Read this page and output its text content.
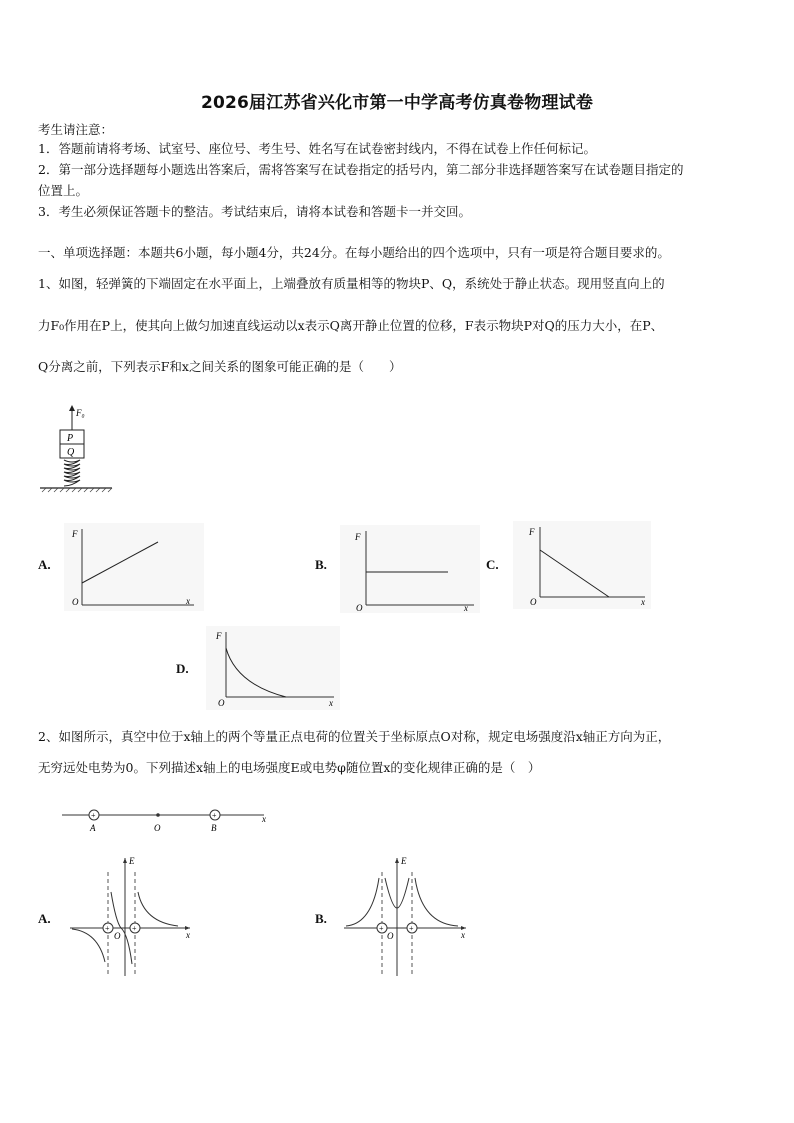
2026届江苏省兴化市第一中学高考仿真卷物理试卷
考生请注意：
1．答题前请将考场、试室号、座位号、考生号、姓名写在试卷密封线内，不得在试卷上作任何标记。
2．第一部分选择题每小题选出答案后，需将答案写在试卷指定的括号内，第二部分非选择题答案写在试卷题目指定的
位置上。
3．考生必须保证答题卡的整洁。考试结束后，请将本试卷和答题卡一并交回。
一、单项选择题：本题共6小题，每小题4分，共24分。在每小题给出的四个选项中，只有一项是符合题目要求的。
1、如图，轻弹簧的下端固定在水平面上，上端叠放有质量相等的物块P、Q，系统处于静止状态。现用竖直向上的
力F₀作用在P上，使其向上做匀加速直线运动以x表示Q离开静止位置的位移，F表示物块P对Q的压力大小，在P、
Q分离之前，下列表示F和x之间关系的图象可能正确的是（　　）
F₀
P
Q
A.	B.	C.
D.
F
x
O
F
x
O
F
x
O
F
x
O
2、如图所示，真空中位于x轴上的两个等量正点电荷的位置关于坐标原点O对称，规定电场强度沿x轴正方向为正，
无穷远处电势为0。下列描述x轴上的电场强度E或电势φ随位置x的变化规律正确的是（　）
+	+
A	O	B
x
A.	B.
E
x
O
+	+
E
x
O
+	+
